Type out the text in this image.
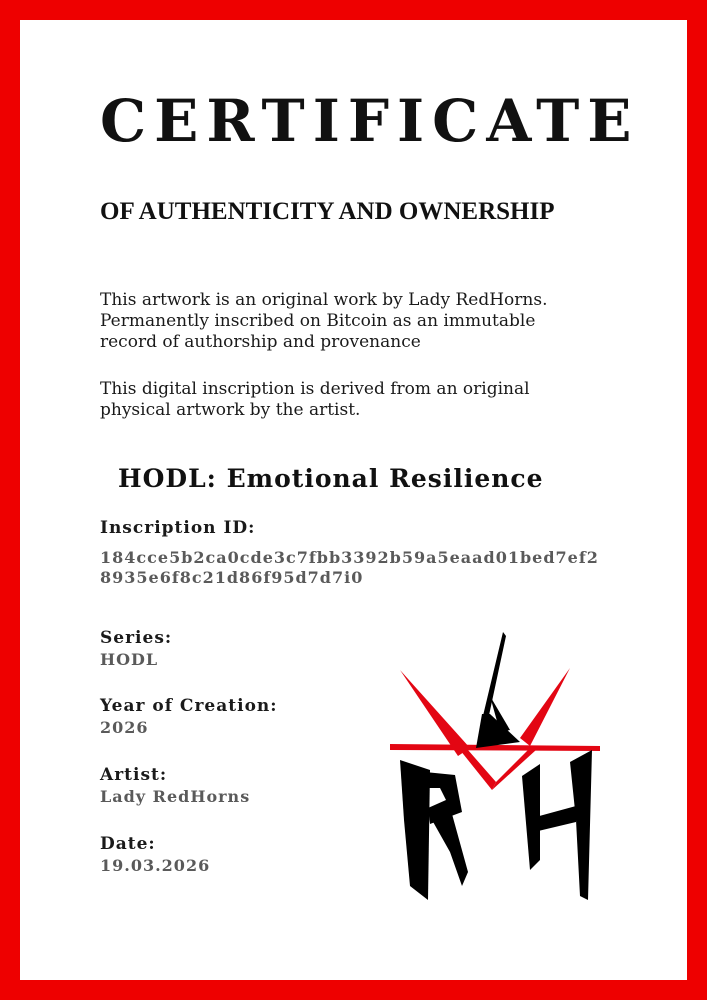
CERTIFICATE
OF AUTHENTICITY AND OWNERSHIP

This artwork is an original work by Lady RedHorns.
Permanently inscribed on Bitcoin as an immutable
record of authorship and provenance

This digital inscription is derived from an original
physical artwork by the artist.

HODL: Emotional Resilience
Inscription ID:
184cce5b2ca0cde3c7fbb3392b59a5eaad01bed7ef2
8935e6f8c21d86f95d7d7i0
Series:
HODL
Year of Creation:
2026
Artist:
Lady RedHorns
Date:
19.03.2026
